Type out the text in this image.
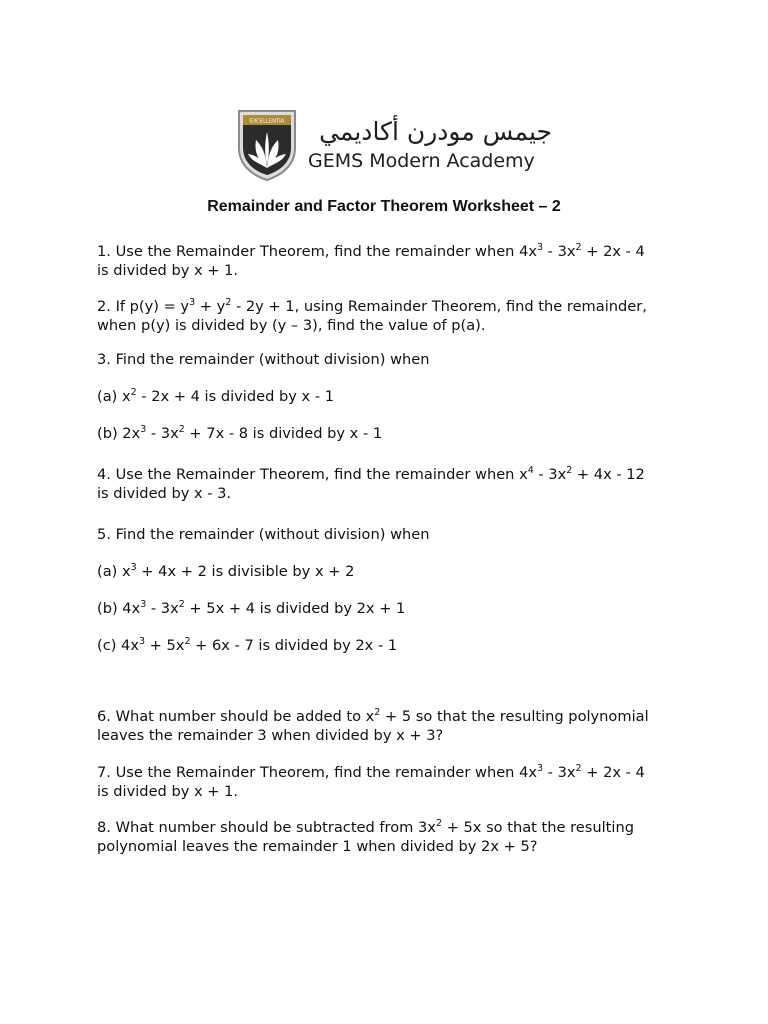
EXCELLENTIA	جيمس مودرن أكاديمي
GEMS Modern Academy
Remainder and Factor Theorem Worksheet – 2
1. Use the Remainder Theorem, find the remainder when $4x^3 - 3x^2 + 2x - 4$
is divided by x + 1.
2. If $p(y) = y^3 + y^2 - 2y + 1$, using Remainder Theorem, find the remainder,
when p(y) is divided by (y – 3), find the value of p(a).
3. Find the remainder (without division) when
(a) $x^2 - 2x + 4$ is divided by x - 1
(b) $2x^3 - 3x^2 + 7x - 8$ is divided by x - 1
4. Use the Remainder Theorem, find the remainder when $x^4 - 3x^2 + 4x - 12$
is divided by x - 3.
5. Find the remainder (without division) when
(a) $x^3 + 4x + 2$ is divisible by x + 2
(b) $4x^3 - 3x^2 + 5x + 4$ is divided by 2x + 1
(c) $4x^3 + 5x^2 + 6x - 7$ is divided by 2x - 1
6. What number should be added to $x^2 + 5$ so that the resulting polynomial
leaves the remainder 3 when divided by x + 3?
7. Use the Remainder Theorem, find the remainder when $4x^3 - 3x^2 + 2x - 4$
is divided by x + 1.
8. What number should be subtracted from $3x^2 + 5x$ so that the resulting
polynomial leaves the remainder 1 when divided by 2x + 5?
